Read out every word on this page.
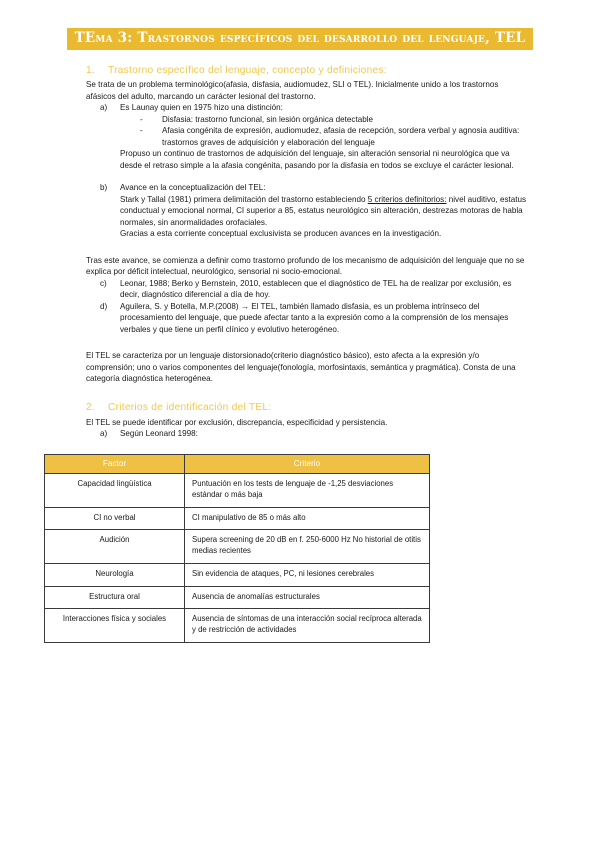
TEma 3: Trastornos específicos del desarrollo del lenguaje, TEL
1.	Trastorno específico del lenguaje, concepto y definiciones:

Se trata de un problema terminológico(afasia, disfasia, audiomudez, SLI o TEL). Inicialmente unido a los trastornos afásicos del adulto, marcando un carácter lesional del trastorno.

a)	Es Launay quien en 1975 hizo una distinción:
-	Disfasia: trastorno funcional, sin lesión orgánica detectable
-	Afasia congénita de expresión, audiomudez, afasia de recepción, sordera verbal y agnosia auditiva: trastornos graves de adquisición y elaboración del lenguaje

Propuso un continuo de trastornos de adquisición del lenguaje, sin alteración sensorial ni neurológica que va desde el retraso simple a la afasia congénita, pasando por la disfasia en todos se excluye el carácter lesional.

b)	Avance en la conceptualización del TEL:

Stark y Tallal (1981) primera delimitación del trastorno estableciendo 5 criterios definitorios: nivel auditivo, estatus conductual y emocional normal, CI superior a 85, estatus neurológico sin alteración, destrezas motoras de habla normales, sin anormalidades orofaciales.

Gracias a esta corriente conceptual exclusivista se producen avances en la investigación.

Tras este avance, se comienza a definir como trastorno profundo de los mecanismo de adquisición del lenguaje que no se explica por déficit intelectual, neurológico, sensorial ni socio-emocional.

c)	Leonar, 1988; Berko y Bernstein, 2010, establecen que el diagnóstico de TEL ha de realizar por exclusión, es decir, diagnóstico diferencial a día de hoy.
d)	Aguilera, S. y Botella, M.P.(2008) → El TEL, también llamado disfasia, es un problema intrínseco del procesamiento del lenguaje, que puede afectar tanto a la expresión como a la comprensión de los mensajes verbales y que tiene un perfil clínico y evolutivo heterogéneo.

El TEL se caracteriza por un lenguaje distorsionado(criterio diagnóstico básico), esto afecta a la expresión y/o comprensión; uno o varios componentes del lenguaje(fonología, morfosintaxis, semántica y pragmática). Consta de una categoría diagnóstica heterogénea.

2.	Criterios de identificación del TEL:

El TEL se puede identificar por exclusión, discrepancia, especificidad y persistencia.

a)	Según Leonard 1998:
Factor	Criterio
Capacidad lingüística	Puntuación en los tests de lenguaje de -1,25 desviaciones estándar o más baja
CI no verbal	CI manipulativo de 85 o más alto
Audición	Supera screening de 20 dB en f. 250-6000 Hz No historial de otitis medias recientes
Neurología	Sin evidencia de ataques, PC, ni lesiones cerebrales
Estructura oral	Ausencia de anomalías estructurales
Interacciones física y sociales	Ausencia de síntomas de una interacción social recíproca alterada y de restricción de actividades
